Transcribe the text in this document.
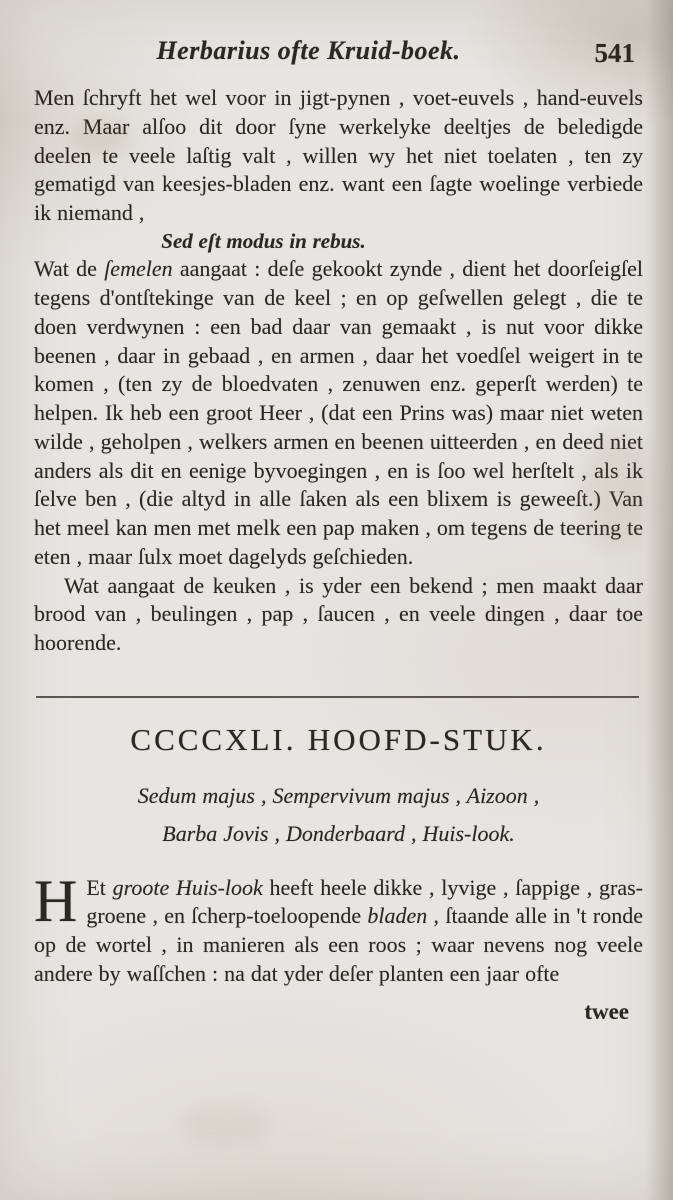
Herbarius ofte Kruid-boek.	541

Men ſchryft het wel voor in jigt-pynen , voet-euvels , hand-euvels enz. Maar alſoo dit door ſyne werkelyke deeltjes de beledigde deelen te veele laſtig valt , willen wy het niet toelaten , ten zy gematigd van keesjes-bladen enz. want een ſagte woelinge verbiede ik niemand ,

Sed eſt modus in rebus.

Wat de ſemelen aangaat : deſe gekookt zynde , dient het doorſeigſel tegens d'ontſtekinge van de keel ; en op geſwellen gelegt , die te doen verdwynen : een bad daar van gemaakt , is nut voor dikke beenen , daar in gebaad , en armen , daar het voedſel weigert in te komen , (ten zy de bloedvaten , zenuwen enz. geperſt werden) te helpen. Ik heb een groot Heer , (dat een Prins was) maar niet weten wilde , geholpen , welkers armen en beenen uitteerden , en deed niet anders als dit en eenige byvoegingen , en is ſoo wel herſtelt , als ik ſelve ben , (die altyd in alle ſaken als een blixem is geweeſt.) Van het meel kan men met melk een pap maken , om tegens de teering te eten , maar ſulx moet dagelyds geſchieden.

Wat aangaat de keuken , is yder een bekend ; men maakt daar brood van , beulingen , pap , ſaucen , en veele dingen , daar toe hoorende.

CCCCXLI. HOOFD-STUK.
Sedum majus , Sempervivum majus , Aizoon ,
Barba Jovis , Donderbaard , Huis-look.

H Et groote Huis-look heeft heele dikke , lyvige , ſappige , gras-groene , en ſcherp-toeloopende bladen , ſtaande alle in 't ronde op de wortel , in manieren als een roos ; waar nevens nog veele andere by waſſchen : na dat yder deſer planten een jaar ofte

twee
